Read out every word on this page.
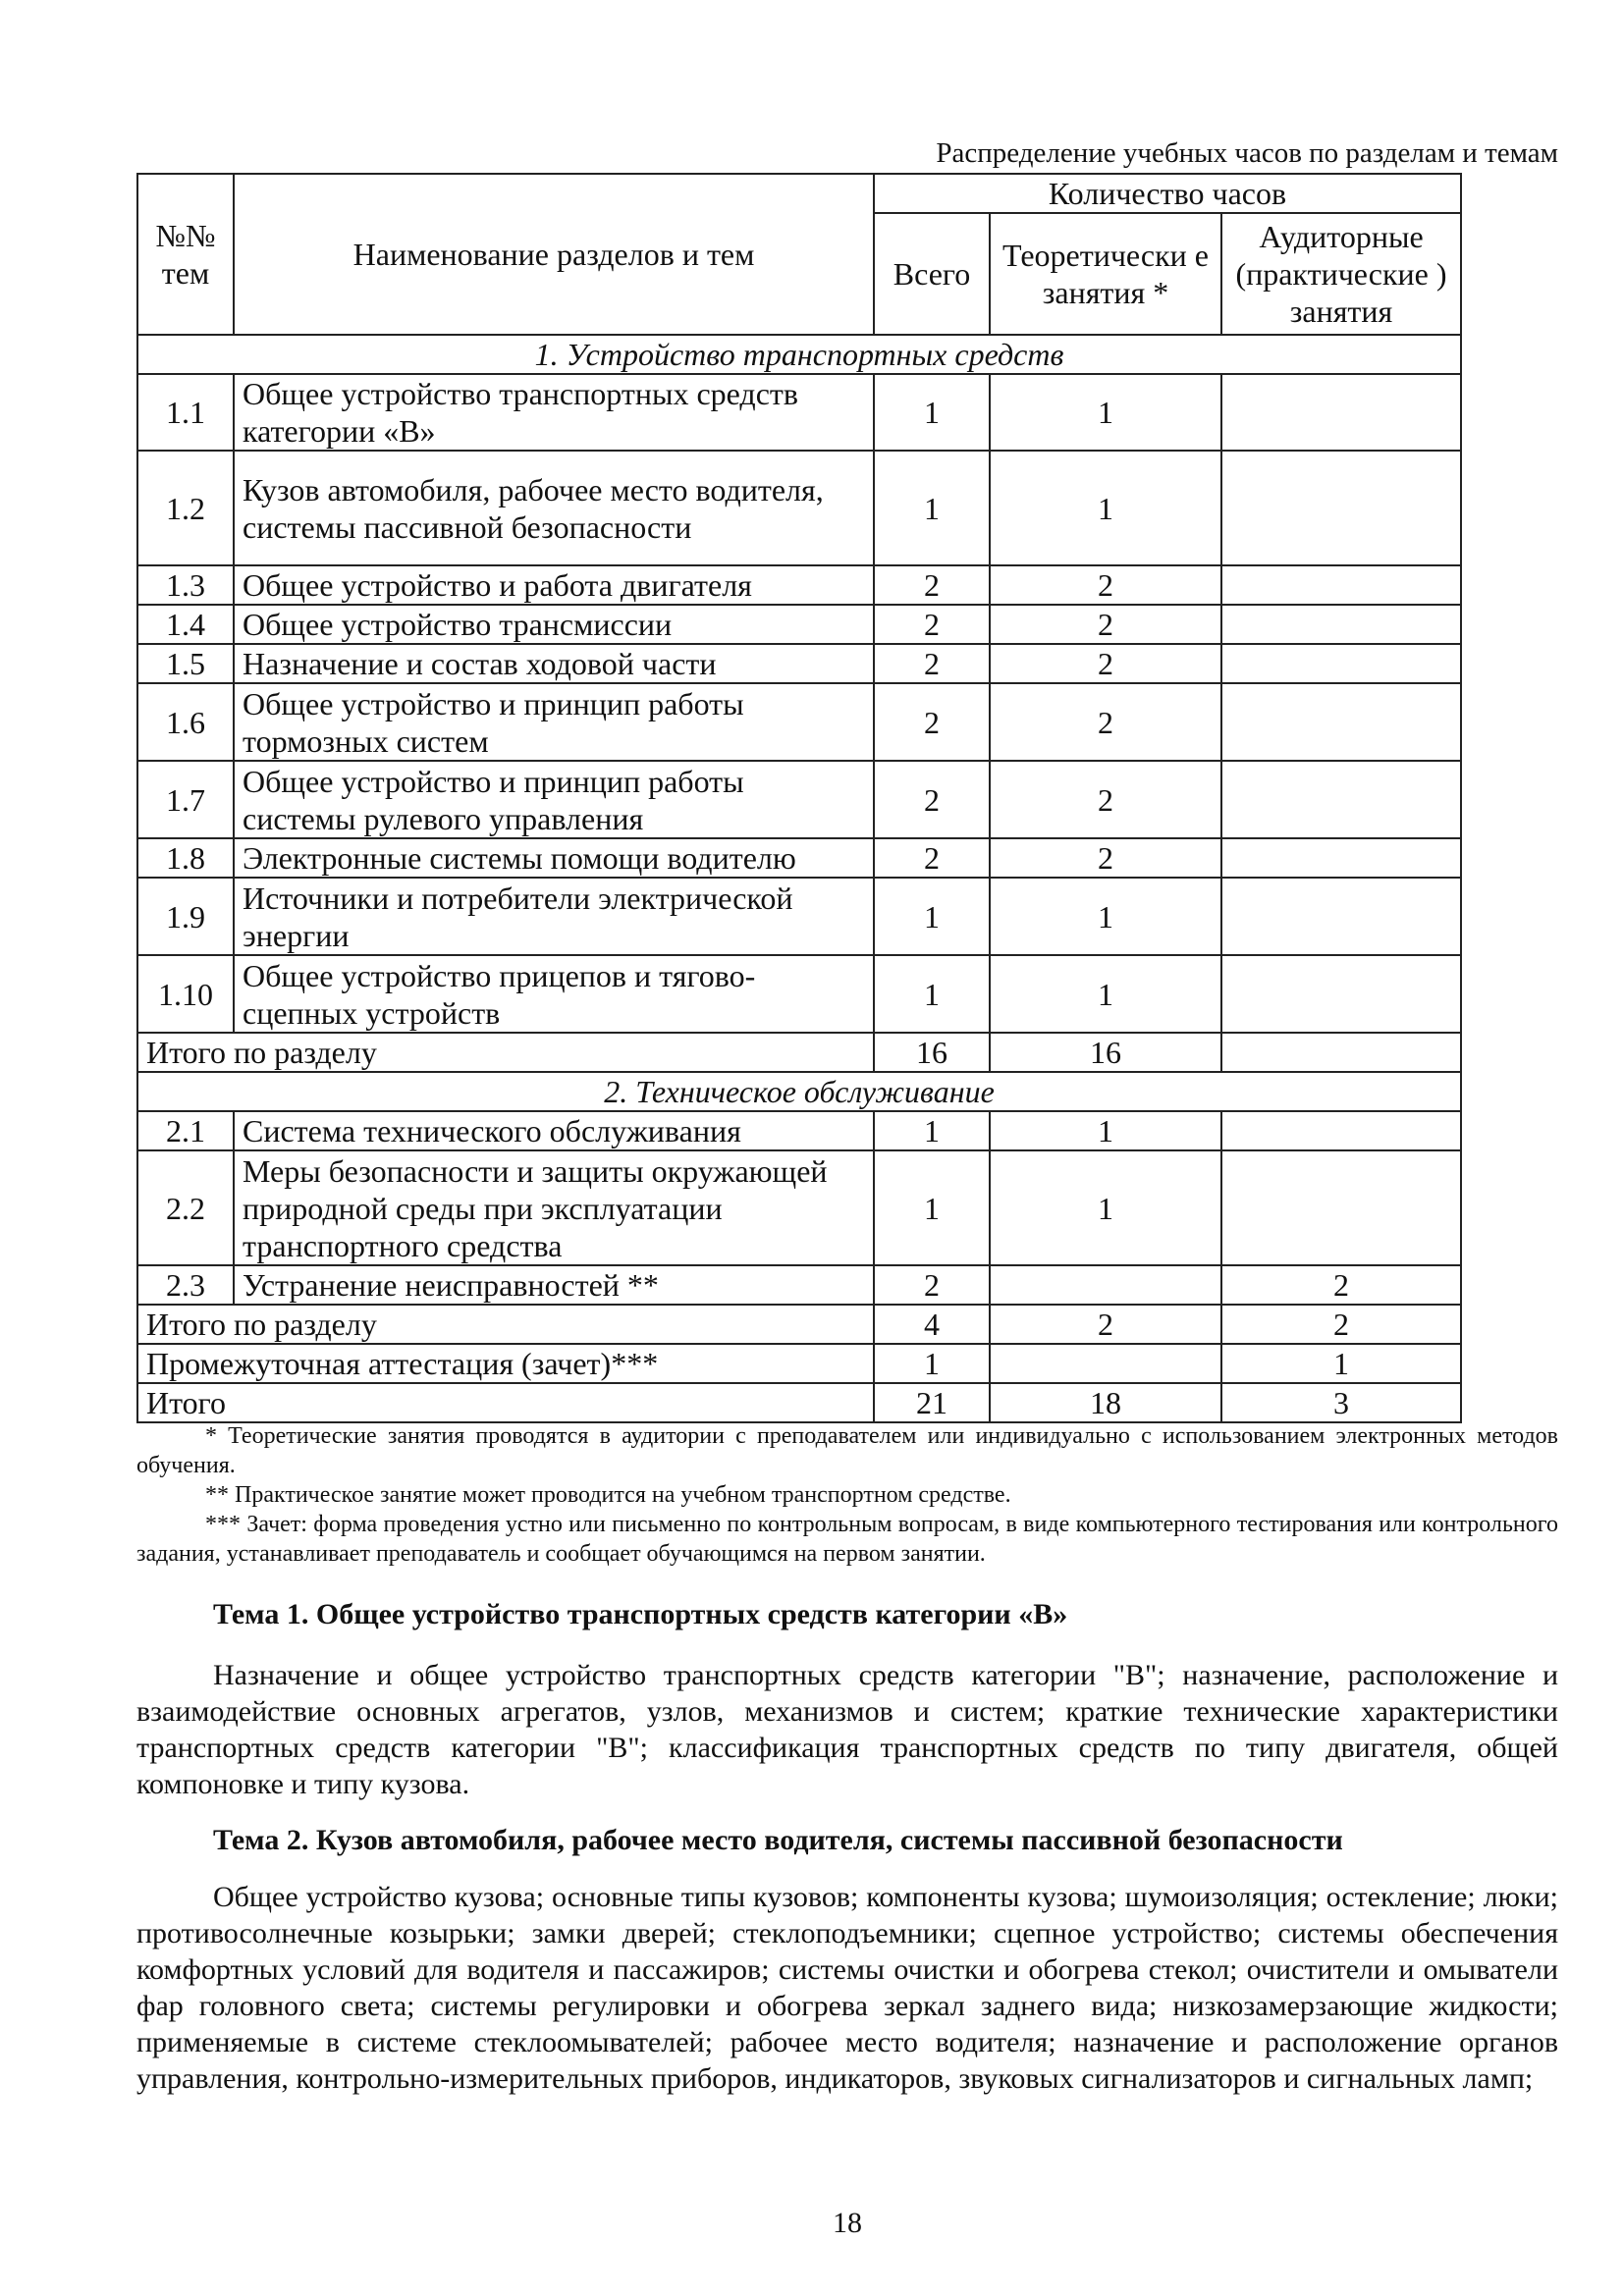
Распределение учебных часов по разделам и темам
№№ тем	Наименование разделов и тем	Количество часов		
		Всего	Теоретически е занятия *	Аудиторные (практические ) занятия
1. Устройство транспортных средств				
1.1	Общее устройство транспортных средств категории «В»	1	1	
1.2	Кузов автомобиля, рабочее место водителя, системы пассивной безопасности	1	1	
1.3	Общее устройство и работа двигателя	2	2	
1.4	Общее устройство трансмиссии	2	2	
1.5	Назначение и состав ходовой части	2	2	
1.6	Общее устройство и принцип работы тормозных систем	2	2	
1.7	Общее устройство и принцип работы системы рулевого управления	2	2	
1.8	Электронные системы помощи водителю	2	2	
1.9	Источники и потребители электрической энергии	1	1	
1.10	Общее устройство прицепов и тягово-сцепных устройств	1	1	
Итого по разделу		16	16	
2. Техническое обслуживание				
2.1	Система технического обслуживания	1	1	
2.2	Меры безопасности и защиты окружающей природной среды при эксплуатации транспортного средства	1	1	
2.3	Устранение неисправностей **	2		2
Итого по разделу		4	2	2
Промежуточная аттестация (зачет)***		1		1
Итого		21	18	3

* Теоретические занятия проводятся в аудитории с преподавателем или индивидуально с использованием электронных методов обучения.

** Практическое занятие может проводится на учебном транспортном средстве.

*** Зачет: форма проведения устно или письменно по контрольным вопросам, в виде компьютерного тестирования или контрольного задания, устанавливает преподаватель и сообщает обучающимся на первом занятии.

Тема 1. Общее устройство транспортных средств категории «В»

Назначение и общее устройство транспортных средств категории "В"; назначение, расположение и взаимодействие основных агрегатов, узлов, механизмов и систем; краткие технические характеристики транспортных средств категории "В"; классификация транспортных средств по типу двигателя, общей компоновке и типу кузова.

Тема 2. Кузов автомобиля, рабочее место водителя, системы пассивной безопасности

Общее устройство кузова; основные типы кузовов; компоненты кузова; шумоизоляция; остекление; люки; противосолнечные козырьки; замки дверей; стеклоподъемники; сцепное устройство; системы обеспечения комфортных условий для водителя и пассажиров; системы очистки и обогрева стекол; очистители и омыватели фар головного света; системы регулировки и обогрева зеркал заднего вида; низкозамерзающие жидкости; применяемые в системе стеклоомывателей; рабочее место водителя; назначение и расположение органов управления, контрольно-измерительных приборов, индикаторов, звуковых сигнализаторов и сигнальных ламп;

18
